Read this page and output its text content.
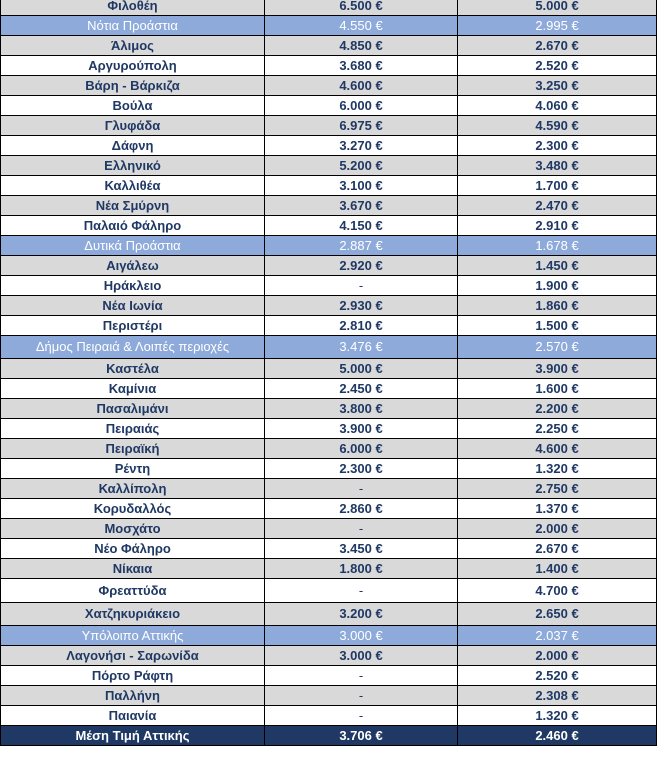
Φιλοθέη	6.500 €	5.000 €
Νότια Προάστια	4.550 €	2.995 €
Άλιμος	4.850 €	2.670 €
Αργυρούπολη	3.680 €	2.520 €
Βάρη - Βάρκιζα	4.600 €	3.250 €
Βούλα	6.000 €	4.060 €
Γλυφάδα	6.975 €	4.590 €
Δάφνη	3.270 €	2.300 €
Ελληνικό	5.200 €	3.480 €
Καλλιθέα	3.100 €	1.700 €
Νέα Σμύρνη	3.670 €	2.470 €
Παλαιό Φάληρο	4.150 €	2.910 €
Δυτικά Προάστια	2.887 €	1.678 €
Αιγάλεω	2.920 €	1.450 €
Ηράκλειο	-	1.900 €
Νέα Ιωνία	2.930 €	1.860 €
Περιστέρι	2.810 €	1.500 €
Δήμος Πειραιά & Λοιπές περιοχές	3.476 €	2.570 €
Καστέλα	5.000 €	3.900 €
Καμίνια	2.450 €	1.600 €
Πασαλιμάνι	3.800 €	2.200 €
Πειραιάς	3.900 €	2.250 €
Πειραϊκή	6.000 €	4.600 €
Ρέντη	2.300 €	1.320 €
Καλλίπολη	-	2.750 €
Κορυδαλλός	2.860 €	1.370 €
Μοσχάτο	-	2.000 €
Νέο Φάληρο	3.450 €	2.670 €
Νίκαια	1.800 €	1.400 €
Φρεαττύδα	-	4.700 €
Χατζηκυριάκειο	3.200 €	2.650 €
Υπόλοιπο Αττικής	3.000 €	2.037 €
Λαγονήσι - Σαρωνίδα	3.000 €	2.000 €
Πόρτο Ράφτη	-	2.520 €
Παλλήνη	-	2.308 €
Παιανία	-	1.320 €
Μέση Τιμή Αττικής	3.706 €	2.460 €
